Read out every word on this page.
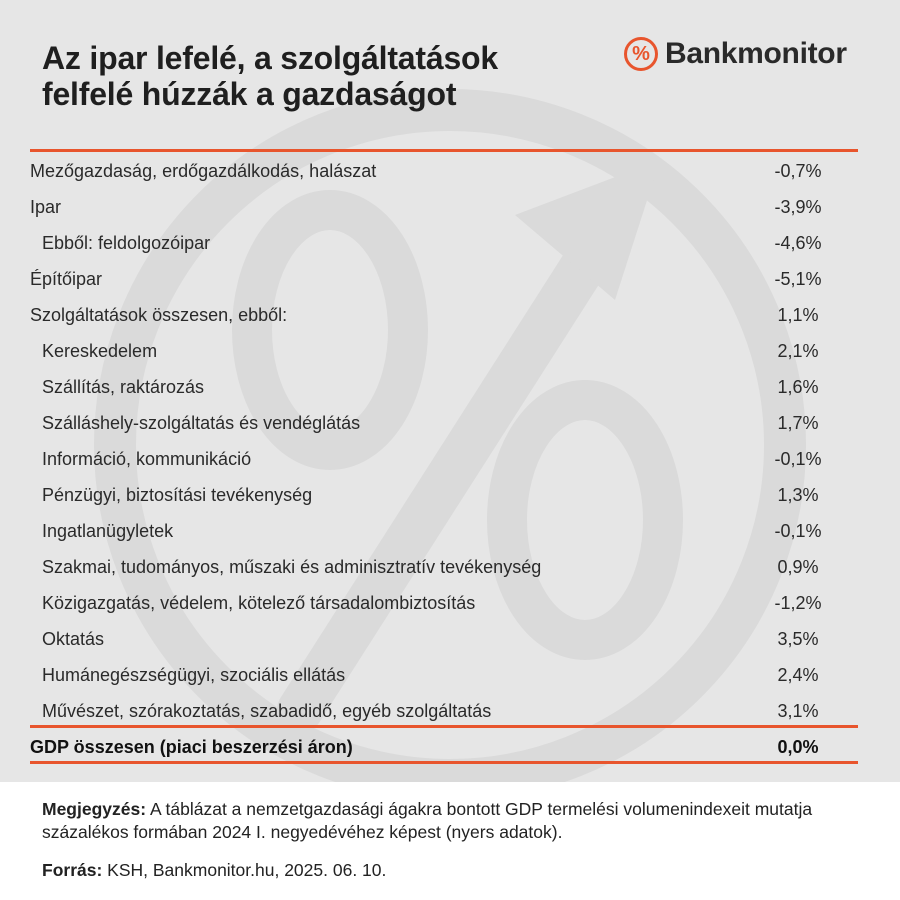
Az ipar lefelé, a szolgáltatások
felfelé húzzák a gazdaságot
% Bankmonitor
Mezőgazdaság, erdőgazdálkodás, halászat	-0,7%
Ipar	-3,9%
Ebből: feldolgozóipar	-4,6%
Építőipar	-5,1%
Szolgáltatások összesen, ebből:	1,1%
Kereskedelem	2,1%
Szállítás, raktározás	1,6%
Szálláshely-szolgáltatás és vendéglátás	1,7%
Információ, kommunikáció	-0,1%
Pénzügyi, biztosítási tevékenység	1,3%
Ingatlanügyletek	-0,1%
Szakmai, tudományos, műszaki és adminisztratív tevékenység	0,9%
Közigazgatás, védelem, kötelező társadalombiztosítás	-1,2%
Oktatás	3,5%
Humánegészségügyi, szociális ellátás	2,4%
Művészet, szórakoztatás, szabadidő, egyéb szolgáltatás	3,1%
GDP összesen (piaci beszerzési áron)	0,0%
Megjegyzés: A táblázat a nemzetgazdasági ágakra bontott GDP termelési volumenindexeit mutatja százalékos formában 2024 I. negyedévéhez képest (nyers adatok).
Forrás: KSH, Bankmonitor.hu, 2025. 06. 10.
